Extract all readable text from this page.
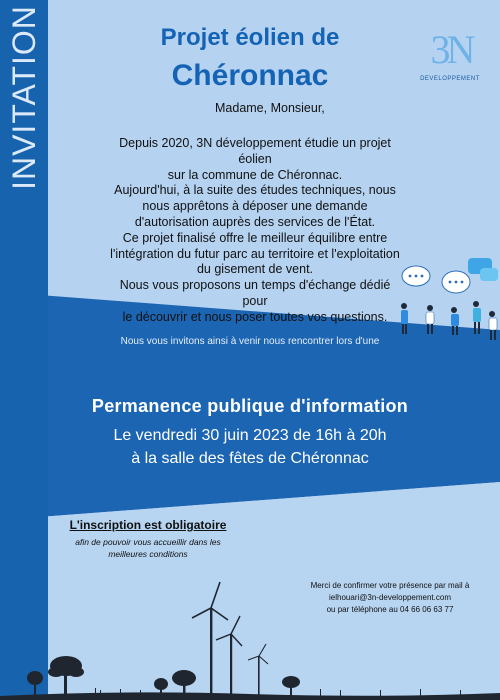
INVITATION	Projet éolien de
Chéronnac
3N
DEVELOPPEMENT
Madame, Monsieur,
Depuis 2020, 3N développement étudie un projet
éolien
sur la commune de Chéronnac.
Aujourd'hui, à la suite des études techniques, nous
nous apprêtons à déposer une demande
d'autorisation auprès des services de l'État.
Ce projet finalisé offre le meilleur équilibre entre
l'intégration du futur parc au territoire et l'exploitation
du gisement de vent.
Nous vous proposons un temps d'échange dédié pour
le découvrir et nous poser toutes vos questions.
Nous vous invitons ainsi à venir nous rencontrer lors d'une
Permanence publique d'information
Le vendredi 30 juin 2023 de 16h à 20h
à la salle des fêtes de Chéronnac
L'inscription est obligatoire
afin de pouvoir vous accueillir dans les
meilleures conditions
Merci de confirmer votre présence par mail à
ielhouari@3n-developpement.com
ou par téléphone au 04 66 06 63 77
